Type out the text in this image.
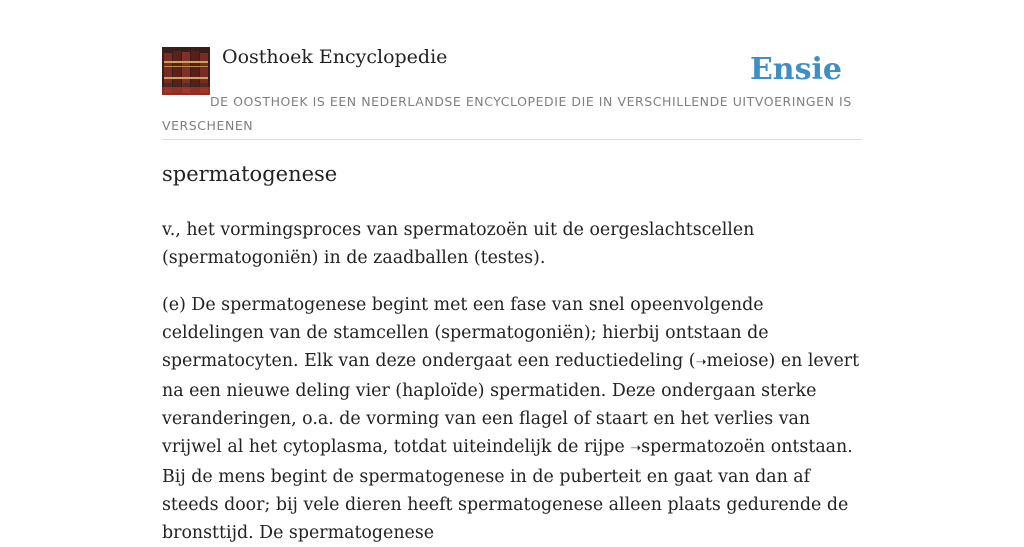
Oosthoek Encyclopedie	Ensie
DE OOSTHOEK IS EEN NEDERLANDSE ENCYCLOPEDIE DIE IN VERSCHILLENDE UITVOERINGEN IS VERSCHENEN
spermatogenese

v., het vormingsproces van spermatozoën uit de oergeslachtscellen (spermatogoniën) in de zaadballen (testes).

(e) De spermatogenese begint met een fase van snel opeenvolgende celdelingen van de stamcellen (spermatogoniën); hierbij ontstaan de spermatocyten. Elk van deze ondergaat een reductiedeling (➝meiose) en levert na een nieuwe deling vier (haploïde) spermatiden. Deze ondergaan sterke veranderingen, o.a. de vorming van een flagel of staart en het verlies van vrijwel al het cytoplasma, totdat uiteindelijk de rijpe ➝spermatozoën ontstaan. Bij de mens begint de spermatogenese in de puberteit en gaat van dan af steeds door; bij vele dieren heeft spermatogenese alleen plaats gedurende de bronsttijd. De spermatogenese
